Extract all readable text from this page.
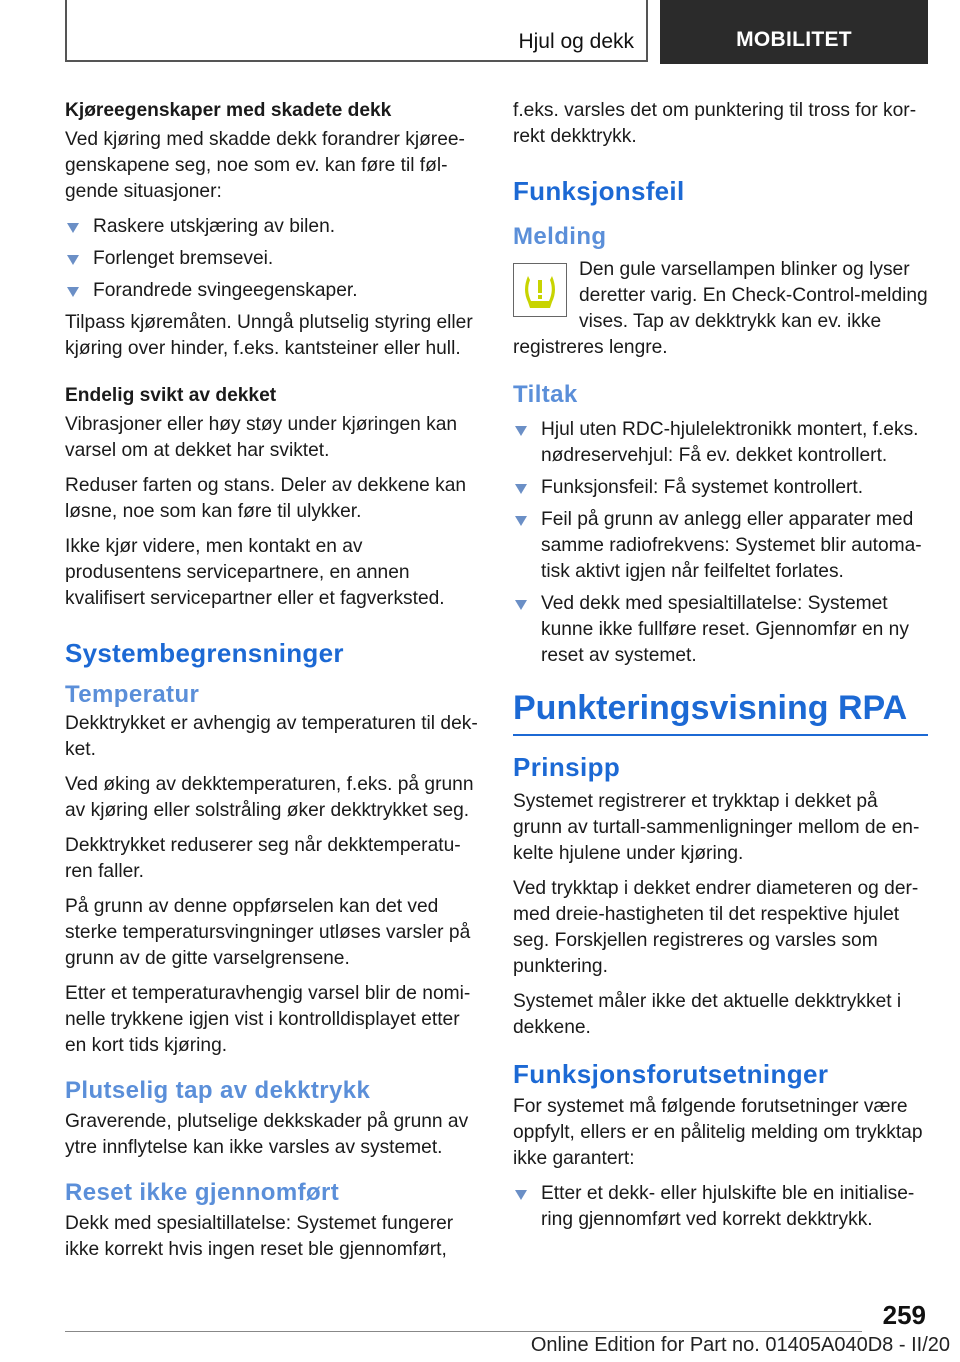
Hjul og dekk	MOBILITET

Kjøreegenskaper med skadete dekk

Ved kjøring med skadde dekk forandrer kjøreegenskapene seg, noe som ev. kan føre til følgende situasjoner:

Raskere utskjæring av bilen.
Forlenget bremsevei.
Forandrede svingeegenskaper.

Tilpass kjøremåten. Unngå plutselig styring eller kjøring over hinder, f.eks. kantsteiner eller hull.

Endelig svikt av dekket

Vibrasjoner eller høy støy under kjøringen kan varsel om at dekket har sviktet.

Reduser farten og stans. Deler av dekkene kan løsne, noe som kan føre til ulykker.

Ikke kjør videre, men kontakt en av produsentens servicepartnere, en annen kvalifisert servicepartner eller et fagverksted.

Systembegrensninger
Temperatur

Dekktrykket er avhengig av temperaturen til dekket.

Ved øking av dekktemperaturen, f.eks. på grunn av kjøring eller solstråling øker dekktrykket seg.

Dekktrykket reduserer seg når dekktemperaturen faller.

På grunn av denne oppførselen kan det ved sterke temperatursvingninger utløses varsler på grunn av de gitte varselgrensene.

Etter et temperaturavhengig varsel blir de nominelle trykkene igjen vist i kontrolldisplayet etter en kort tids kjøring.

Plutselig tap av dekktrykk

Graverende, plutselige dekkskader på grunn av ytre innflytelse kan ikke varsles av systemet.

Reset ikke gjennomført

Dekk med spesialtillatelse: Systemet fungerer ikke korrekt hvis ingen reset ble gjennomført,

f.eks. varsles det om punktering til tross for korrekt dekktrykk.

Funksjonsfeil
Melding

Den gule varsellampen blinker og lyser deretter varig. En Check-Control-melding vises. Tap av dekktrykk kan ev. ikke registreres lengre.

Tiltak
Hjul uten RDC-hjulelektronikk montert, f.eks. nødreservehjul: Få ev. dekket kontrollert.
Funksjonsfeil: Få systemet kontrollert.
Feil på grunn av anlegg eller apparater med samme radiofrekvens: Systemet blir automatisk aktivt igjen når feilfeltet forlates.
Ved dekk med spesialtillatelse: Systemet kunne ikke fullføre reset. Gjennomfør en ny reset av systemet.
Punkteringsvisning RPA
Prinsipp

Systemet registrerer et trykktap i dekket på grunn av turtall-sammenligninger mellom de enkelte hjulene under kjøring.

Ved trykktap i dekket endrer diameteren og dermed dreie-hastigheten til det respektive hjulet seg. Forskjellen registreres og varsles som punktering.

Systemet måler ikke det aktuelle dekktrykket i dekkene.

Funksjonsforutsetninger

For systemet må følgende forutsetninger være oppfylt, ellers er en pålitelig melding om trykktap ikke garantert:

Etter et dekk- eller hjulskifte ble en initialisering gjennomført ved korrekt dekktrykk.
259
Online Edition for Part no. 01405A040D8 - II/20
